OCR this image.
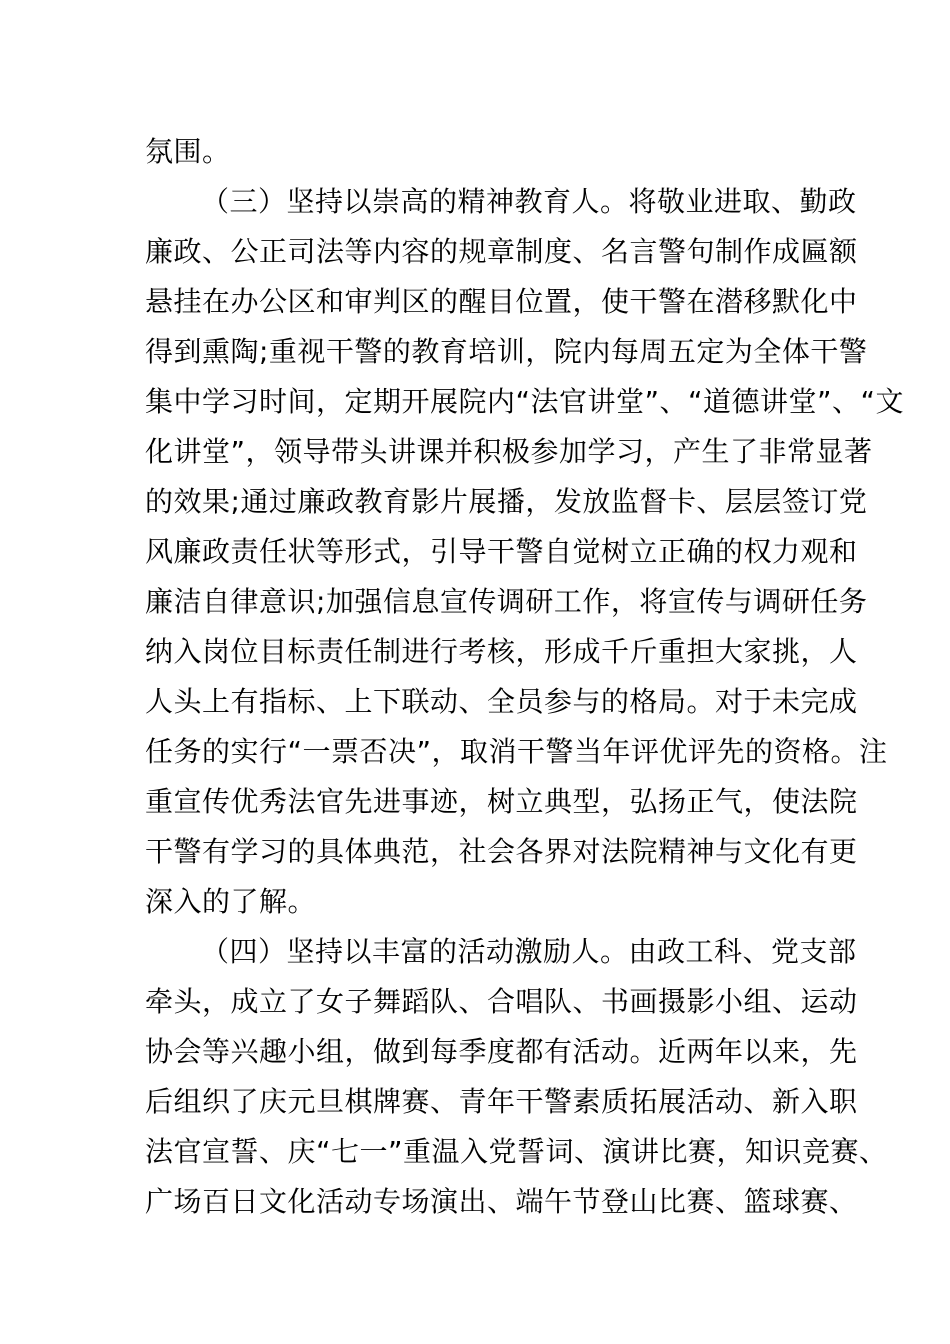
氛围。
（三）坚持以崇高的精神教育人。将敬业进取、勤政
廉政、公正司法等内容的规章制度、名言警句制作成匾额
悬挂在办公区和审判区的醒目位置，使干警在潜移默化中
得到熏陶;重视干警的教育培训，院内每周五定为全体干警
集中学习时间，定期开展院内“法官讲堂”、“道德讲堂”、“文
化讲堂”，领导带头讲课并积极参加学习，产生了非常显著
的效果;通过廉政教育影片展播，发放监督卡、层层签订党
风廉政责任状等形式，引导干警自觉树立正确的权力观和
廉洁自律意识;加强信息宣传调研工作，将宣传与调研任务
纳入岗位目标责任制进行考核，形成千斤重担大家挑，人
人头上有指标、上下联动、全员参与的格局。对于未完成
任务的实行“一票否决”，取消干警当年评优评先的资格。注
重宣传优秀法官先进事迹，树立典型，弘扬正气，使法院
干警有学习的具体典范，社会各界对法院精神与文化有更
深入的了解。
（四）坚持以丰富的活动激励人。由政工科、党支部
牵头，成立了女子舞蹈队、合唱队、书画摄影小组、运动
协会等兴趣小组，做到每季度都有活动。近两年以来，先
后组织了庆元旦棋牌赛、青年干警素质拓展活动、新入职
法官宣誓、庆“七一”重温入党誓词、演讲比赛，知识竞赛、
广场百日文化活动专场演出、端午节登山比赛、篮球赛、
